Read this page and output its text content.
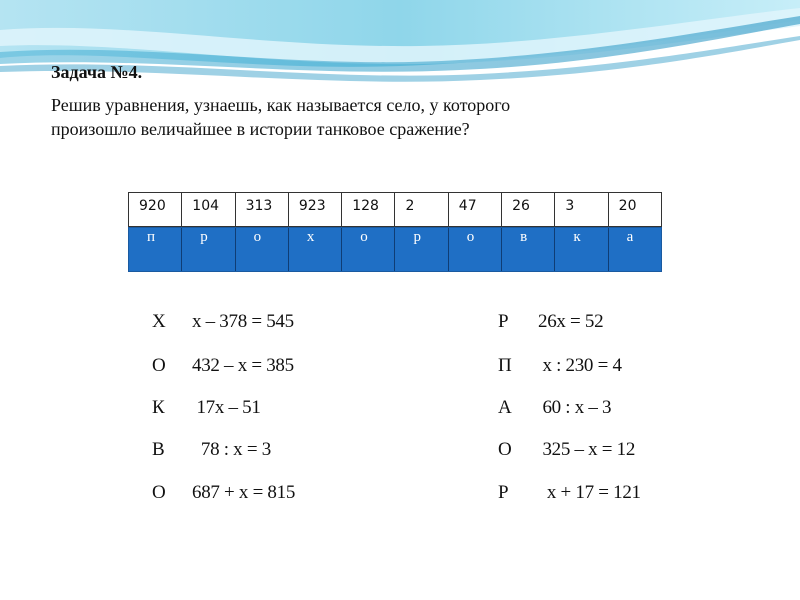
Задача №4.
Решив уравнения, узнаешь, как называется село, у которого
произошло величайшее в истории танковое сражение?
920	104	313	923	128	2	47	26	3	20
п	р	о	х	о	р	о	в	к	а
Х x – 378 = 545
О 432 – x = 385
К 17x – 51
В  78 : x = 3
О 687 + x = 815
Р 26x = 52
П x : 230 = 4
А 60 : x – 3
О 325 – x = 12
Р  x + 17 = 121
